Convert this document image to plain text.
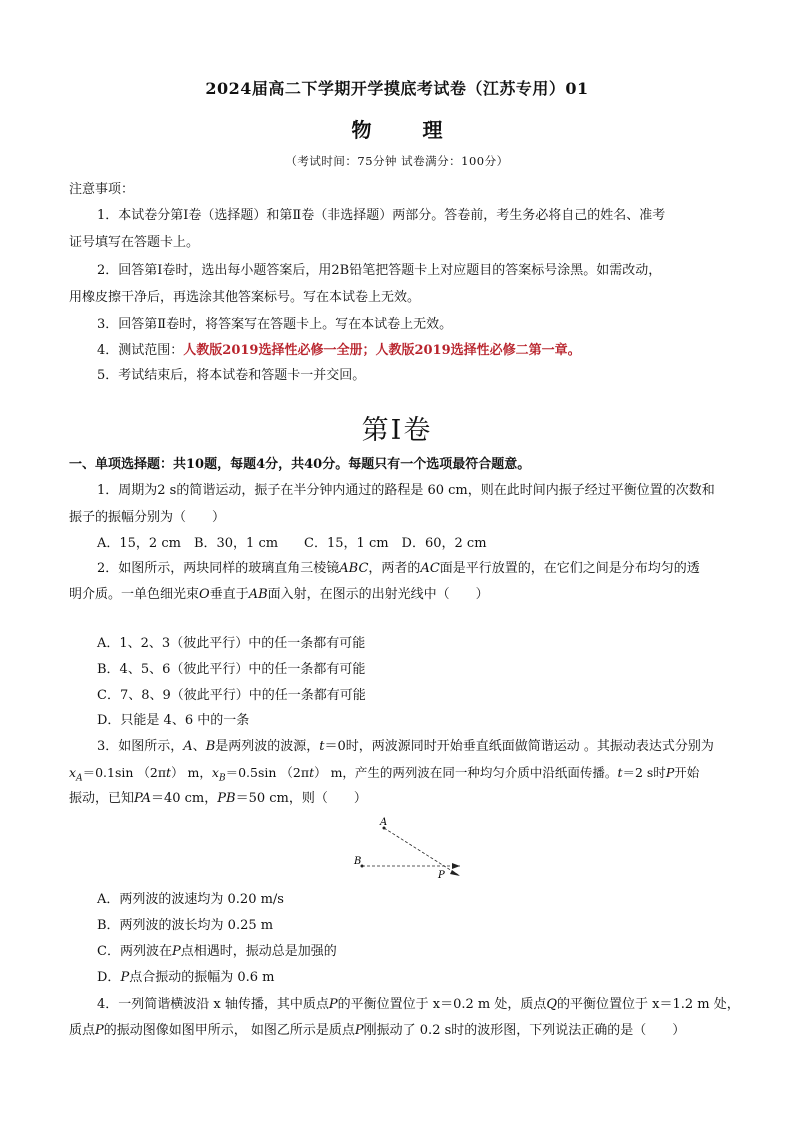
2024届高二下学期开学摸底考试卷（江苏专用）01
物	理
（考试时间：75分钟 试卷满分：100分）
注意事项：
1．本试卷分第Ⅰ卷（选择题）和第Ⅱ卷（非选择题）两部分。答卷前，考生务必将自己的姓名、准考
证号填写在答题卡上。
2．回答第Ⅰ卷时，选出每小题答案后，用2B铅笔把答题卡上对应题目的答案标号涂黑。如需改动，
用橡皮擦干净后，再选涂其他答案标号。写在本试卷上无效。
3．回答第Ⅱ卷时，将答案写在答题卡上。写在本试卷上无效。
4．测试范围：人教版2019选择性必修一全册；人教版2019选择性必修二第一章。
5．考试结束后，将本试卷和答题卡一并交回。
第Ⅰ卷
一、单项选择题：共10题，每题4分，共40分。每题只有一个选项最符合题意。
1．周期为2 s的简谐运动，振子在半分钟内通过的路程是 60 cm，则在此时间内振子经过平衡位置的次数和
振子的振幅分别为（　　）
A．15，2 cm　B．30，1 cm　　C．15，1 cm　D．60，2 cm
2．如图所示，两块同样的玻璃直角三棱镜ABC，两者的AC面是平行放置的，在它们之间是分布均匀的透
明介质。一单色细光束O垂直于AB面入射，在图示的出射光线中（　　）
A．1、2、3（彼此平行）中的任一条都有可能
B．4、5、6（彼此平行）中的任一条都有可能
C．7、8、9（彼此平行）中的任一条都有可能
D．只能是 4、6 中的一条
3．如图所示，A、B是两列波的波源，t＝0时，两波源同时开始垂直纸面做简谐运动 。其振动表达式分别为
$x_A=0.1\sin$ （2πt） m，$x_B=0.5\sin$ （2πt） m，产生的两列波在同一种均匀介质中沿纸面传播。t＝2 s时P开始
振动，已知PA＝40 cm，PB＝50 cm，则（　　）
A
B
P
A．两列波的波速均为 0.20 m/s
B．两列波的波长均为 0.25 m
C．两列波在P点相遇时，振动总是加强的
D．P点合振动的振幅为 0.6 m
4．一列简谐横波沿 x 轴传播，其中质点P的平衡位置位于 x＝0.2 m 处，质点Q的平衡位置位于 x＝1.2 m 处，
质点P的振动图像如图甲所示， 如图乙所示是质点P刚振动了 0.2 s时的波形图，下列说法正确的是（　　）
